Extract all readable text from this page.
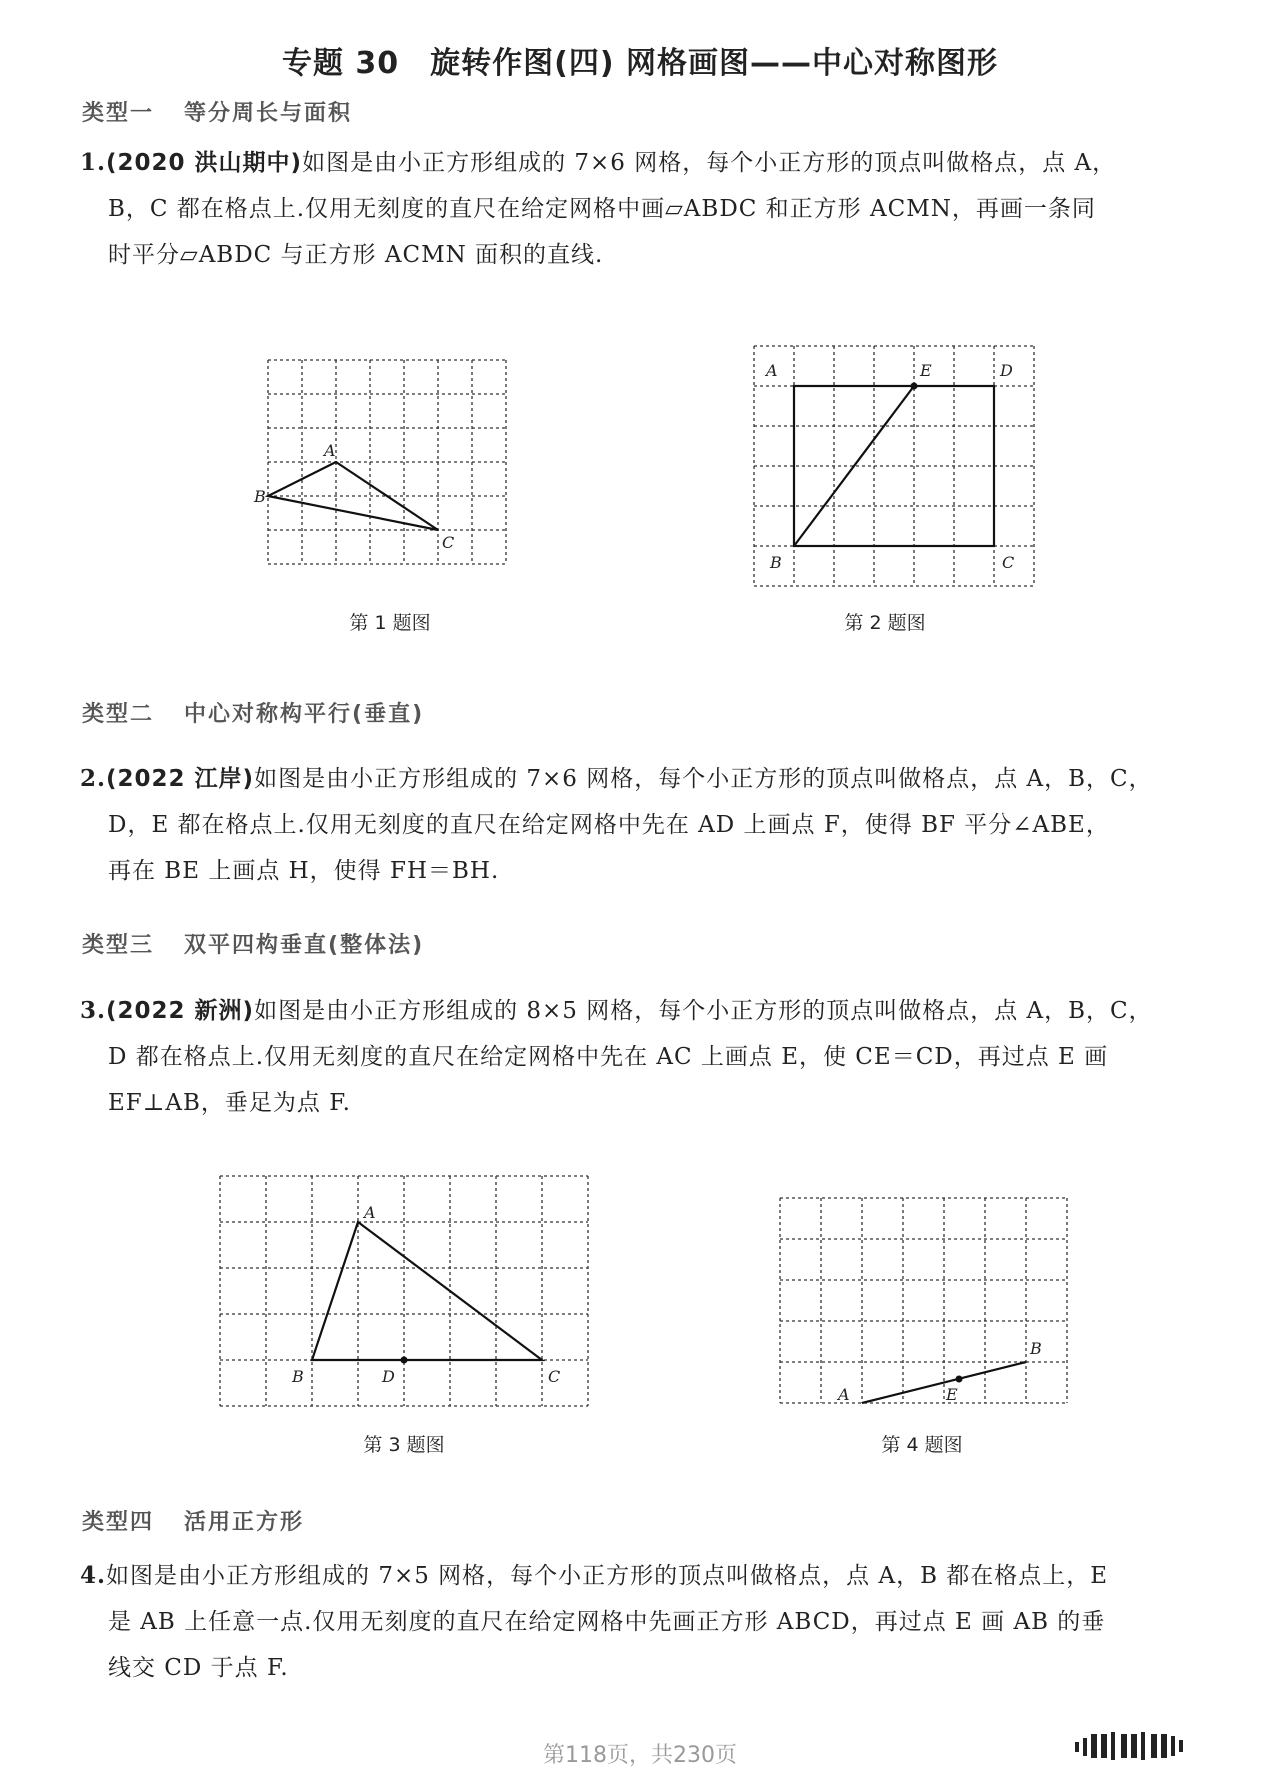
专题 30　旋转作图(四) 网格画图——中心对称图形
类型一 等分周长与面积

1.(2020 洪山期中)如图是由小正方形组成的 7×6 网格，每个小正方形的顶点叫做格点，点 A，

B，C 都在格点上.仅用无刻度的直尺在给定网格中画▱ABDC 和正方形 ACMN，再画一条同

时平分▱ABDC 与正方形 ACMN 面积的直线.

A
B
C
第 1 题图
A	E	D
B	C
第 2 题图
类型二 中心对称构平行(垂直)

2.(2022 江岸)如图是由小正方形组成的 7×6 网格，每个小正方形的顶点叫做格点，点 A，B，C，

D，E 都在格点上.仅用无刻度的直尺在给定网格中先在 AD 上画点 F，使得 BF 平分∠ABE，

再在 BE 上画点 H，使得 FH＝BH.

类型三 双平四构垂直(整体法)

3.(2022 新洲)如图是由小正方形组成的 8×5 网格，每个小正方形的顶点叫做格点，点 A，B，C，

D 都在格点上.仅用无刻度的直尺在给定网格中先在 AC 上画点 E，使 CE＝CD，再过点 E 画

EF⊥AB，垂足为点 F.

A
B	D	C
第 3 题图
A	E
B
第 4 题图
类型四 活用正方形

4.如图是由小正方形组成的 7×5 网格，每个小正方形的顶点叫做格点，点 A，B 都在格点上，E

是 AB 上任意一点.仅用无刻度的直尺在给定网格中先画正方形 ABCD，再过点 E 画 AB 的垂

线交 CD 于点 F.

第118页，共230页
